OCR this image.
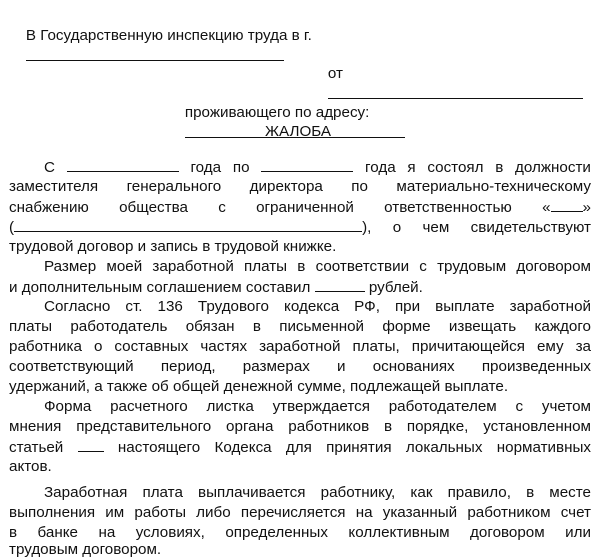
В Государственную инспекцию труда в г.

от

проживающего по адресу:

ЖАЛОБА
С	года по	года я состоял в должности
заместителя генерального директора по материально-техническому
снабжению общества с ограниченной ответственностью « »
(	), о чем свидетельствуют
трудовой договор и запись в трудовой книжке.
Размер моей заработной платы в соответствии с трудовым договором
и дополнительным соглашением составил	рублей.
Согласно ст. 136 Трудового кодекса РФ, при выплате заработной
платы работодатель обязан в письменной форме извещать каждого
работника о составных частях заработной платы, причитающейся ему за
соответствующий период, размерах и основаниях произведенных
удержаний, а также об общей денежной сумме, подлежащей выплате.
Форма расчетного листка утверждается работодателем с учетом
мнения представительного органа работников в порядке, установленном
статьей	настоящего Кодекса для принятия локальных нормативных
актов.
Заработная плата выплачивается работнику, как правило, в месте
выполнения им работы либо перечисляется на указанный работником счет
в банке на условиях, определенных коллективным договором или
трудовым договором.
